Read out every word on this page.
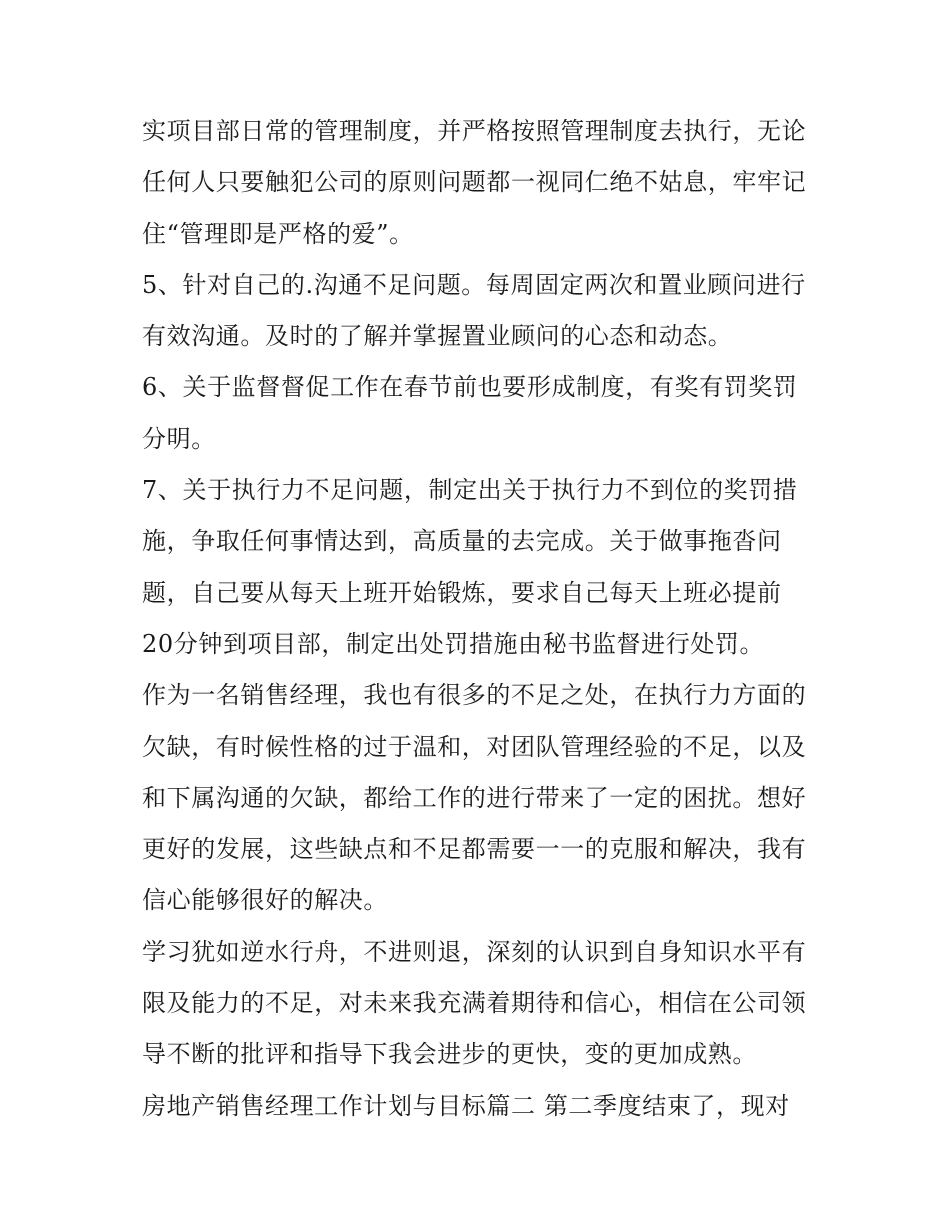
实项目部日常的管理制度，并严格按照管理制度去执行，无论
任何人只要触犯公司的原则问题都一视同仁绝不姑息，牢牢记
住“管理即是严格的爱”。
5、针对自己的.沟通不足问题。每周固定两次和置业顾问进行
有效沟通。及时的了解并掌握置业顾问的心态和动态。
6、关于监督督促工作在春节前也要形成制度，有奖有罚奖罚
分明。
7、关于执行力不足问题，制定出关于执行力不到位的奖罚措
施，争取任何事情达到，高质量的去完成。关于做事拖沓问
题，自己要从每天上班开始锻炼，要求自己每天上班必提前
20分钟到项目部，制定出处罚措施由秘书监督进行处罚。
作为一名销售经理，我也有很多的不足之处，在执行力方面的
欠缺，有时候性格的过于温和，对团队管理经验的不足，以及
和下属沟通的欠缺，都给工作的进行带来了一定的困扰。想好
更好的发展，这些缺点和不足都需要一一的克服和解决，我有
信心能够很好的解决。
学习犹如逆水行舟，不进则退，深刻的认识到自身知识水平有
限及能力的不足，对未来我充满着期待和信心，相信在公司领
导不断的批评和指导下我会进步的更快，变的更加成熟。
房地产销售经理工作计划与目标篇二 第二季度结束了，现对
